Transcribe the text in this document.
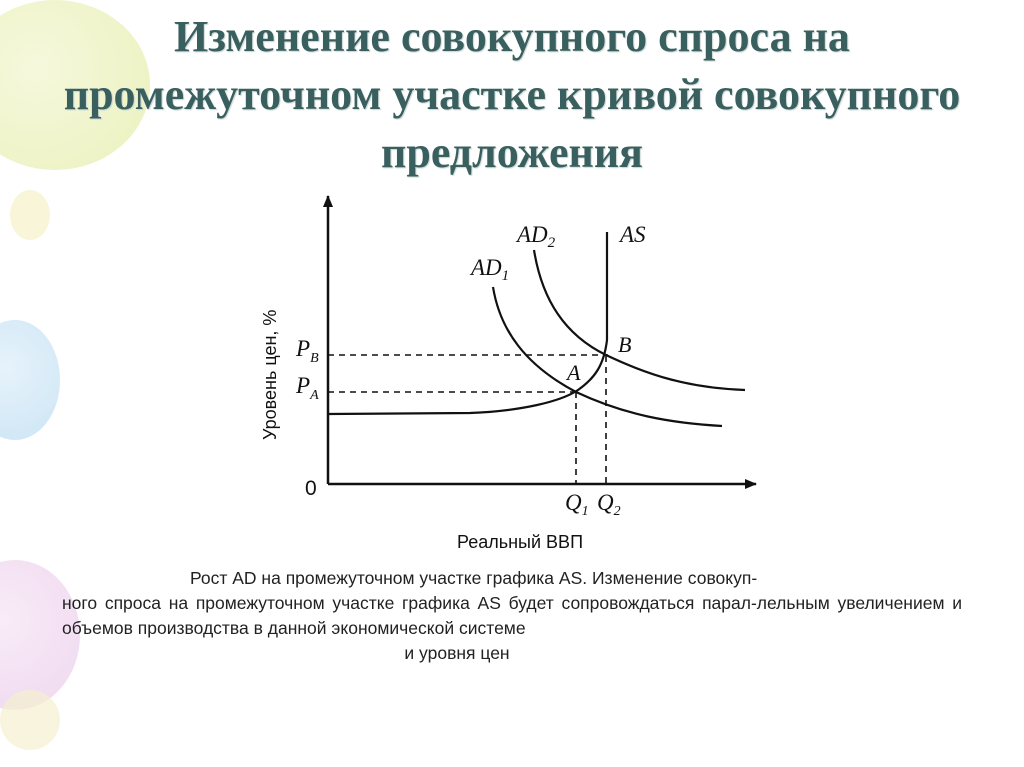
Изменение совокупного спроса на промежуточном участке кривой совокупного предложения
$AD_2$	AS
$AD_1$
B
A
$P_B$
$P_A$
0
$Q_1$ $Q_2$
Уровень цен, %
Реальный ВВП
Рост AD на промежуточном участке графика AS. Изменение совокуп-
ного спроса на промежуточном участке графика AS будет сопровождаться парал-лельным увеличением и объемов производства в данной экономической системе
и уровня цен
